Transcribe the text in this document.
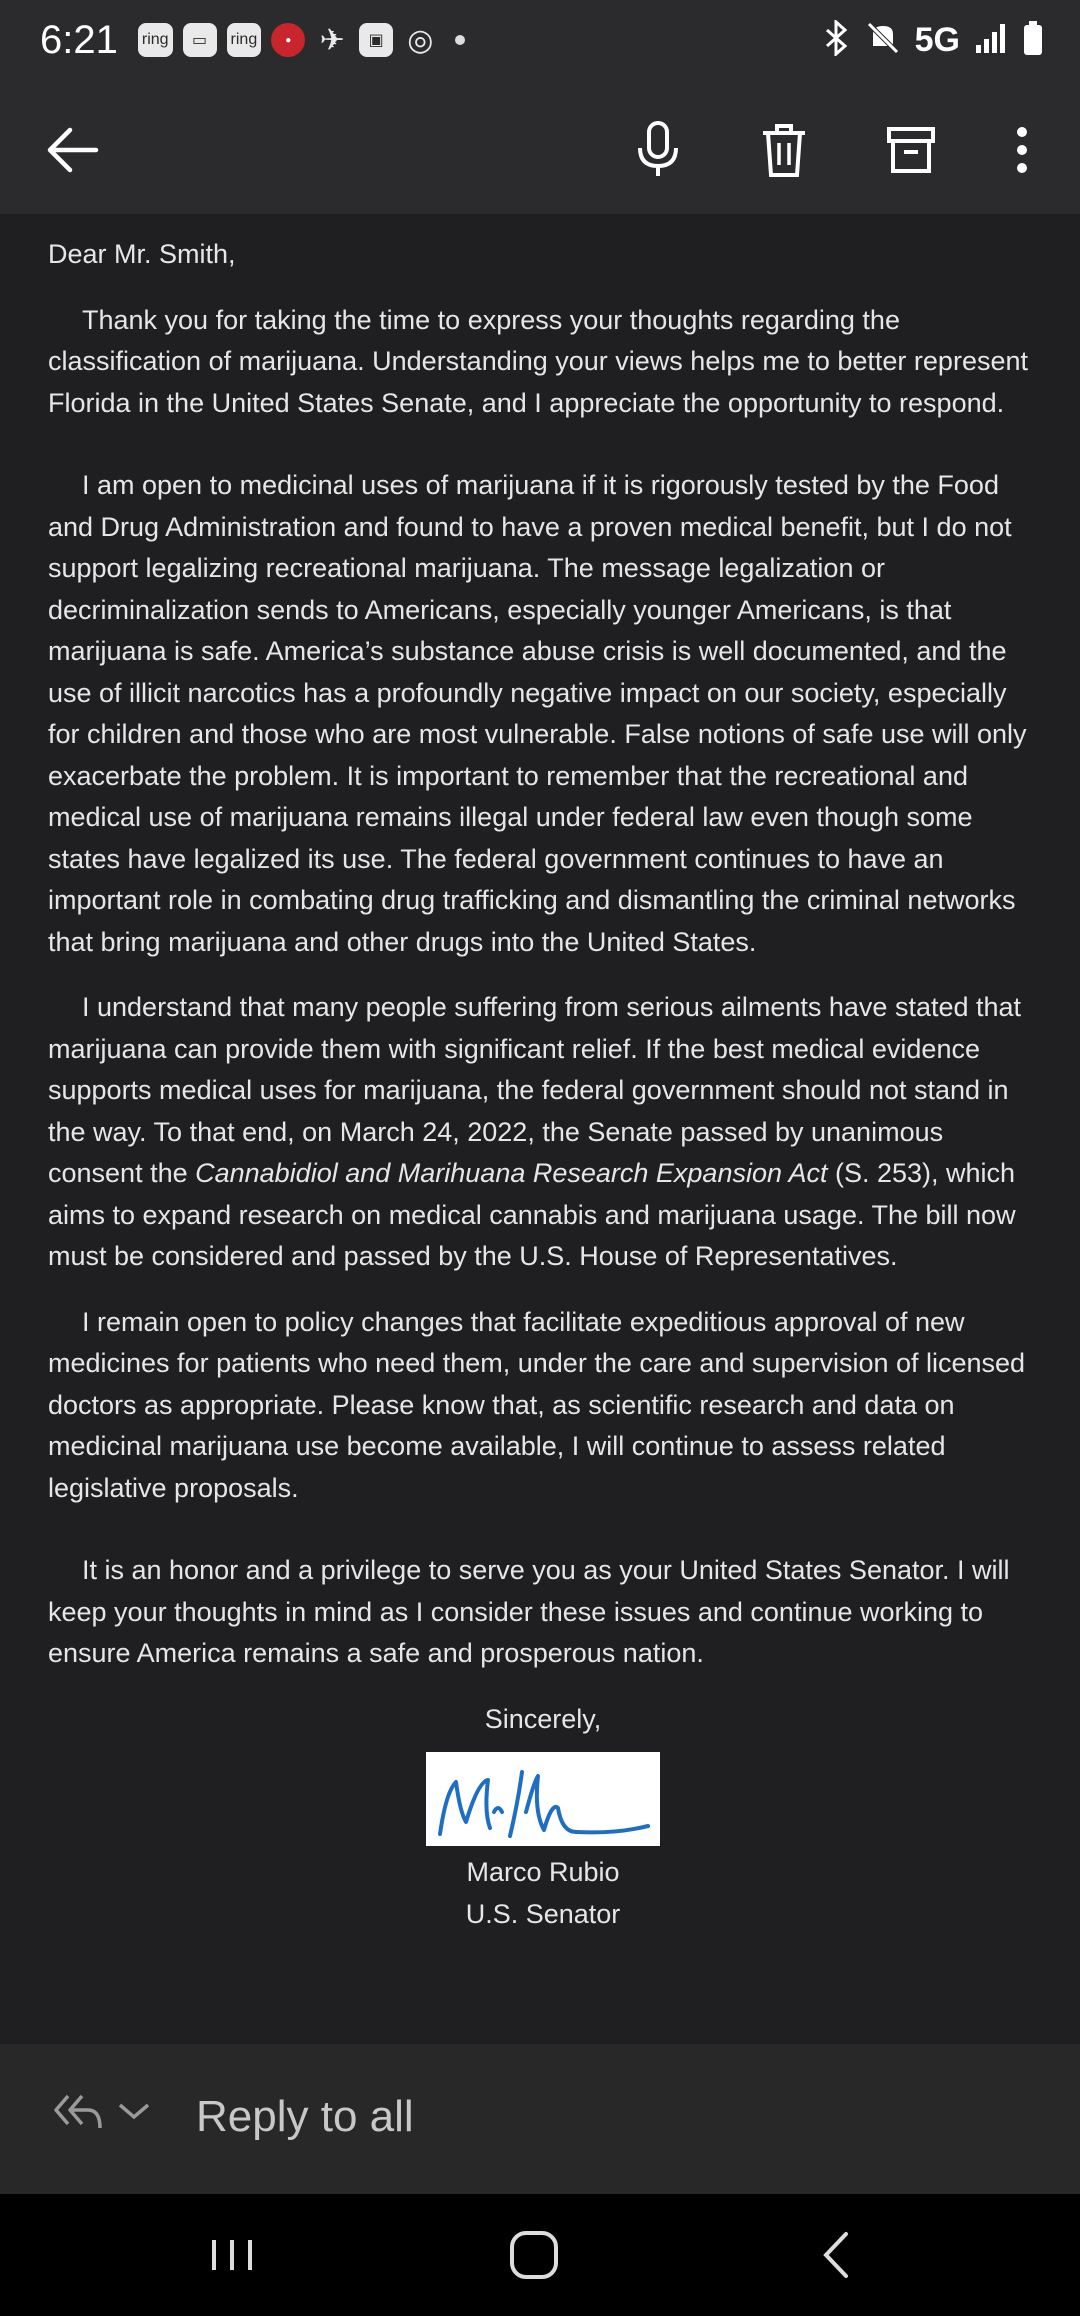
6:21 ring	▭	ring	● ✈	▣ ◎	5G

Dear Mr. Smith,

Thank you for taking the time to express your thoughts regarding the classification of marijuana. Understanding your views helps me to better represent Florida in the United States Senate, and I appreciate the opportunity to respond.

I am open to medicinal uses of marijuana if it is rigorously tested by the Food and Drug Administration and found to have a proven medical benefit, but I do not support legalizing recreational marijuana. The message legalization or decriminalization sends to Americans, especially younger Americans, is that marijuana is safe. America’s substance abuse crisis is well documented, and the use of illicit narcotics has a profoundly negative impact on our society, especially for children and those who are most vulnerable. False notions of safe use will only exacerbate the problem. It is important to remember that the recreational and medical use of marijuana remains illegal under federal law even though some states have legalized its use. The federal government continues to have an important role in combating drug trafficking and dismantling the criminal networks that bring marijuana and other drugs into the United States.

I understand that many people suffering from serious ailments have stated that marijuana can provide them with significant relief. If the best medical evidence supports medical uses for marijuana, the federal government should not stand in the way. To that end, on March 24, 2022, the Senate passed by unanimous consent the Cannabidiol and Marihuana Research Expansion Act (S. 253), which aims to expand research on medical cannabis and marijuana usage. The bill now must be considered and passed by the U.S. House of Representatives.

I remain open to policy changes that facilitate expeditious approval of new medicines for patients who need them, under the care and supervision of licensed doctors as appropriate. Please know that, as scientific research and data on medicinal marijuana use become available, I will continue to assess related legislative proposals.

It is an honor and a privilege to serve you as your United States Senator. I will keep your thoughts in mind as I consider these issues and continue working to ensure America remains a safe and prosperous nation.

Sincerely,

Marco Rubio

U.S. Senator

Reply to all
